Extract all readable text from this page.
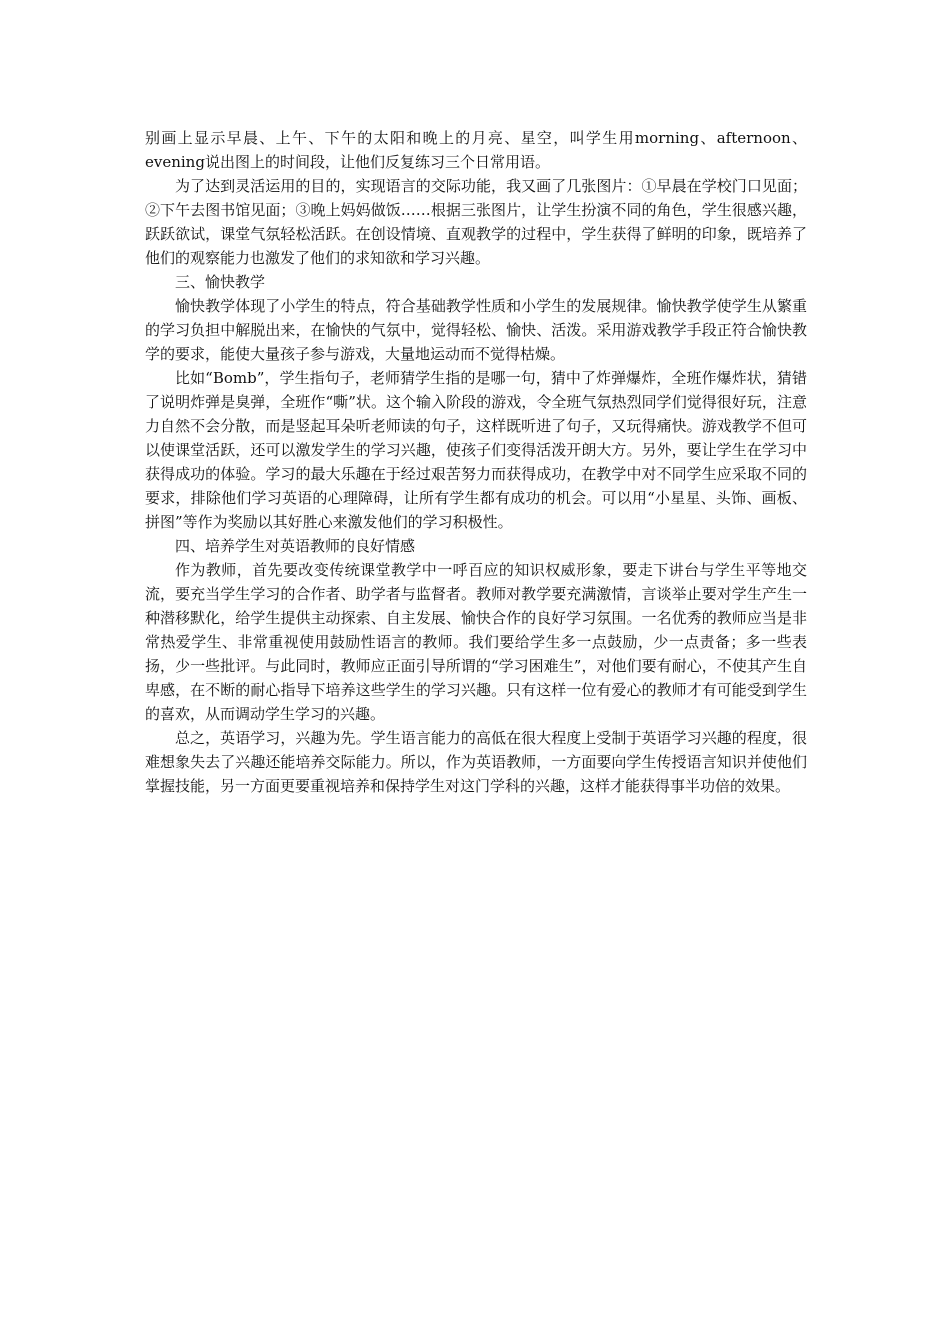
别画上显示早晨、上午、下午的太阳和晚上的月亮、星空，叫学生用morning、afternoon、evening说出图上的时间段，让他们反复练习三个日常用语。

为了达到灵活运用的目的，实现语言的交际功能，我又画了几张图片：①早晨在学校门口见面；②下午去图书馆见面；③晚上妈妈做饭……根据三张图片，让学生扮演不同的角色，学生很感兴趣，跃跃欲试，课堂气氛轻松活跃。在创设情境、直观教学的过程中，学生获得了鲜明的印象，既培养了他们的观察能力也激发了他们的求知欲和学习兴趣。

三、愉快教学

愉快教学体现了小学生的特点，符合基础教学性质和小学生的发展规律。愉快教学使学生从繁重的学习负担中解脱出来，在愉快的气氛中，觉得轻松、愉快、活泼。采用游戏教学手段正符合愉快教学的要求，能使大量孩子参与游戏，大量地运动而不觉得枯燥。

比如“Bomb”，学生指句子，老师猜学生指的是哪一句，猜中了炸弹爆炸，全班作爆炸状，猜错了说明炸弹是臭弹，全班作“嘶”状。这个输入阶段的游戏，令全班气氛热烈同学们觉得很好玩，注意力自然不会分散，而是竖起耳朵听老师读的句子，这样既听进了句子，又玩得痛快。游戏教学不但可以使课堂活跃，还可以激发学生的学习兴趣，使孩子们变得活泼开朗大方。另外，要让学生在学习中获得成功的体验。学习的最大乐趣在于经过艰苦努力而获得成功，在教学中对不同学生应采取不同的要求，排除他们学习英语的心理障碍，让所有学生都有成功的机会。可以用“小星星、头饰、画板、拼图”等作为奖励以其好胜心来激发他们的学习积极性。

四、培养学生对英语教师的良好情感

作为教师，首先要改变传统课堂教学中一呼百应的知识权威形象，要走下讲台与学生平等地交流，要充当学生学习的合作者、助学者与监督者。教师对教学要充满激情，言谈举止要对学生产生一种潜移默化，给学生提供主动探索、自主发展、愉快合作的良好学习氛围。一名优秀的教师应当是非常热爱学生、非常重视使用鼓励性语言的教师。我们要给学生多一点鼓励，少一点责备；多一些表扬，少一些批评。与此同时，教师应正面引导所谓的“学习困难生”，对他们要有耐心，不使其产生自卑感，在不断的耐心指导下培养这些学生的学习兴趣。只有这样一位有爱心的教师才有可能受到学生的喜欢，从而调动学生学习的兴趣。

总之，英语学习，兴趣为先。学生语言能力的高低在很大程度上受制于英语学习兴趣的程度，很难想象失去了兴趣还能培养交际能力。所以，作为英语教师，一方面要向学生传授语言知识并使他们掌握技能，另一方面更要重视培养和保持学生对这门学科的兴趣，这样才能获得事半功倍的效果。
